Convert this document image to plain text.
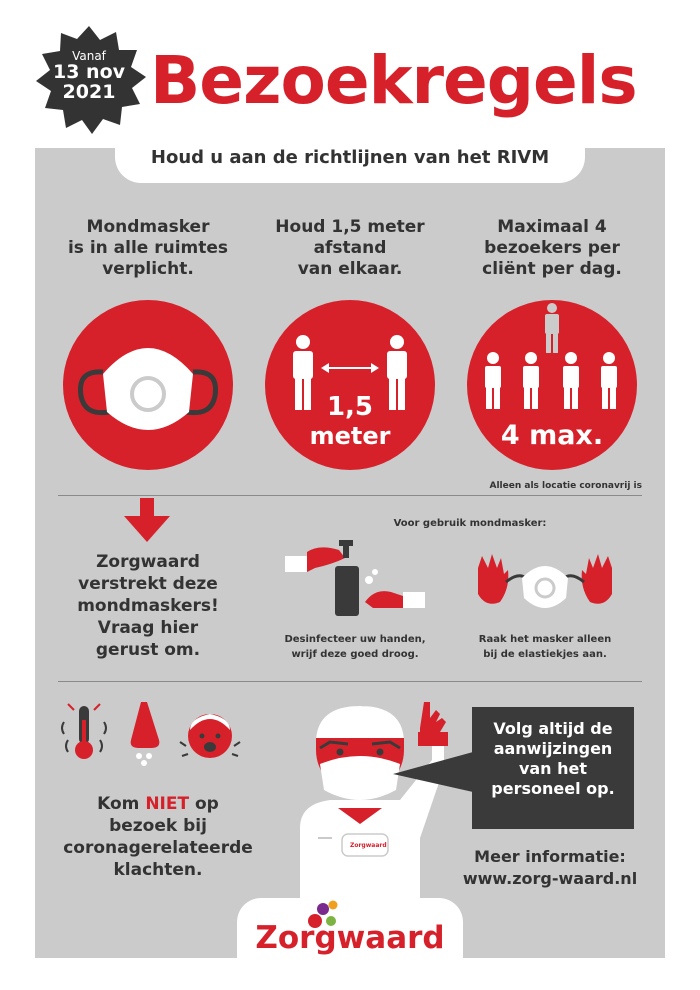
Vanaf
13 nov
2021 Bezoekregels
Houd u aan de richtlijnen van het RIVM
Mondmasker
is in alle ruimtes
verplicht.
Houd 1,5 meter
afstand
van elkaar.
Maximaal 4
bezoekers per
cliënt per dag.
1,5
meter	4 max.
Alleen als locatie coronavrij is
Zorgwaard
verstrekt deze
mondmaskers!
Vraag hier
gerust om.
Voor gebruik mondmasker:
Desinfecteer uw handen,
wrijf deze goed droog.
Raak het masker alleen
bij de elastiekjes aan.
Kom NIET op
bezoek bij
coronagerelateerde
klachten.
Zorgwaard
Volg altijd de
aanwijzingen
van het
personeel op.
Meer informatie:
www.zorg-waard.nl
Zorgwaard
